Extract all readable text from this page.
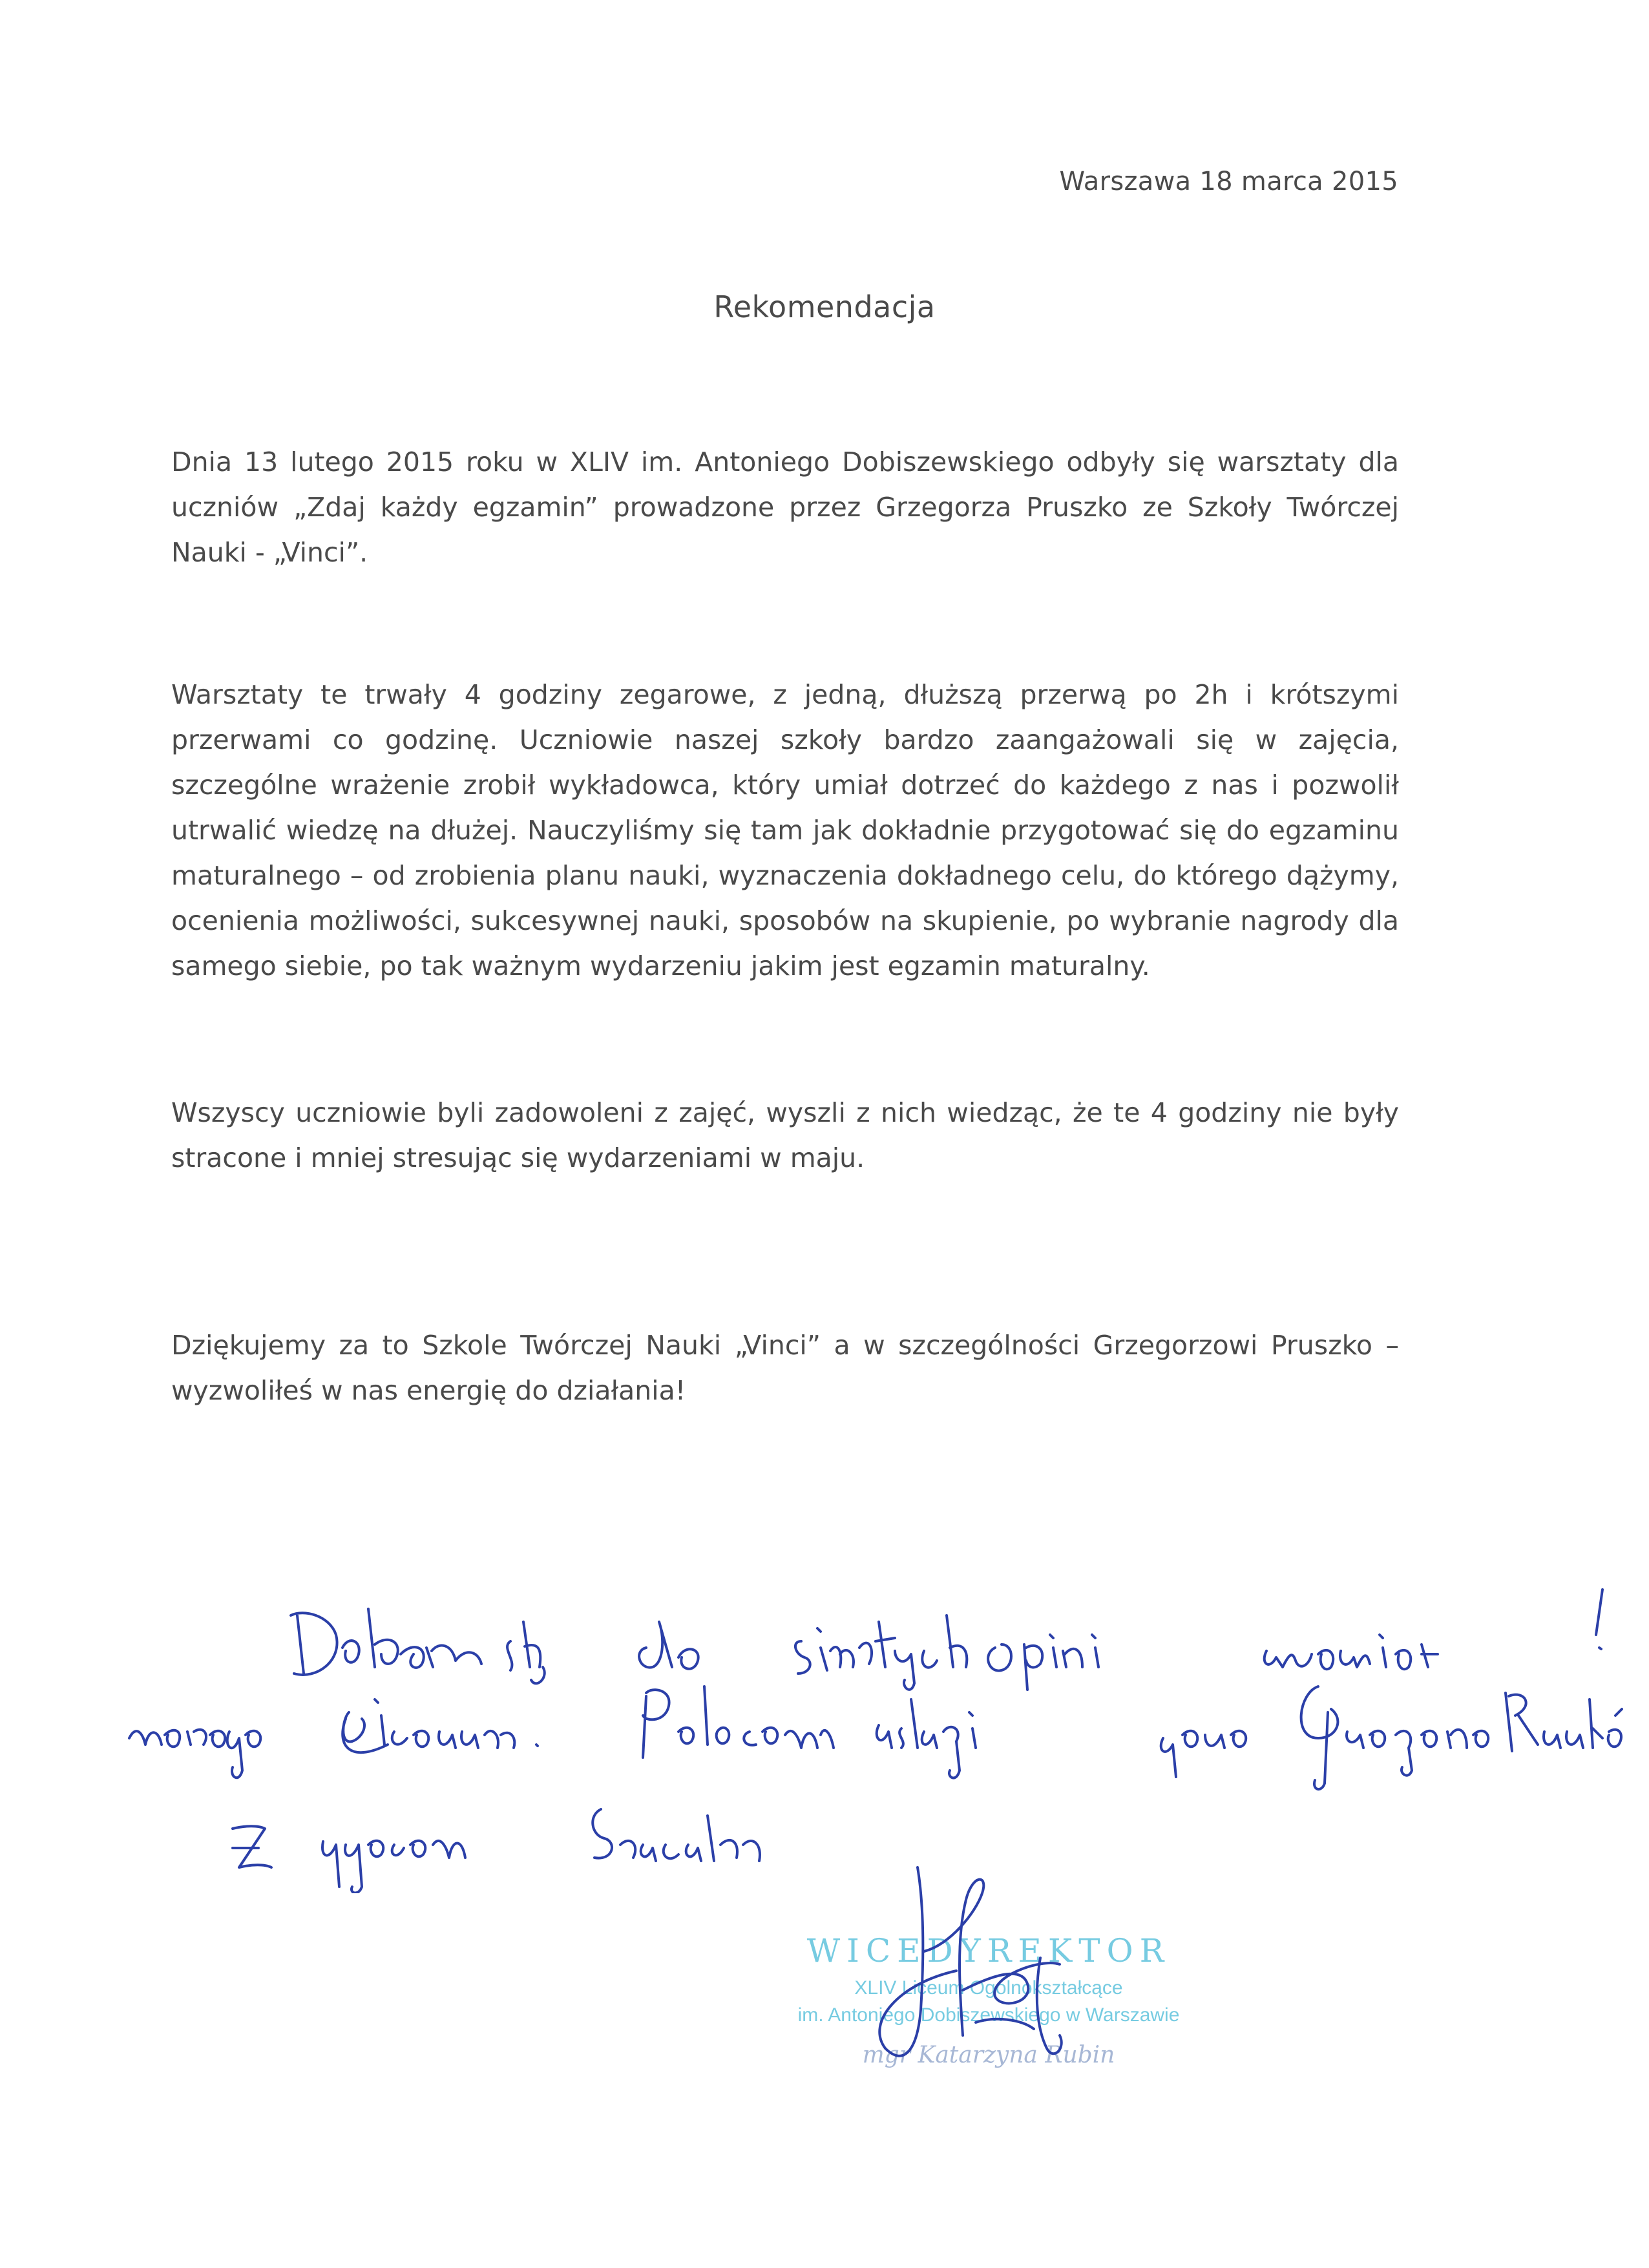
Warszawa 18 marca 2015
Rekomendacja
Dnia 13 lutego 2015 roku w XLIV im. Antoniego Dobiszewskiego odbyły się warsztaty dla uczniów „Zdaj każdy egzamin” prowadzone przez Grzegorza Pruszko ze Szkoły Twórczej Nauki - „Vinci”.
Warsztaty te trwały 4 godziny zegarowe, z jedną, dłuższą przerwą po 2h i krótszymi przerwami co godzinę. Uczniowie naszej szkoły bardzo zaangażowali się w zajęcia, szczególne wrażenie zrobił wykładowca, który umiał dotrzeć do każdego z nas i pozwolił utrwalić wiedzę na dłużej. Nauczyliśmy się tam jak dokładnie przygotować się do egzaminu maturalnego – od zrobienia planu nauki, wyznaczenia dokładnego celu, do którego dążymy, ocenienia możliwości, sukcesywnej nauki, sposobów na skupienie, po wybranie nagrody dla samego siebie, po tak ważnym wydarzeniu jakim jest egzamin maturalny.
Wszyscy uczniowie byli zadowoleni z zajęć, wyszli z nich wiedząc, że te 4 godziny nie były stracone i mniej stresując się wydarzeniami w maju.
Dziękujemy za to Szkole Twórczej Nauki „Vinci” a w szczególności Grzegorzowi Pruszko – wyzwoliłeś w nas energię do działania!
WICEDYREKTOR
XLIV Liceum Ogólnokształcące
im. Antoniego Dobiszewskiego w Warszawie
mgr Katarzyna Rubin
